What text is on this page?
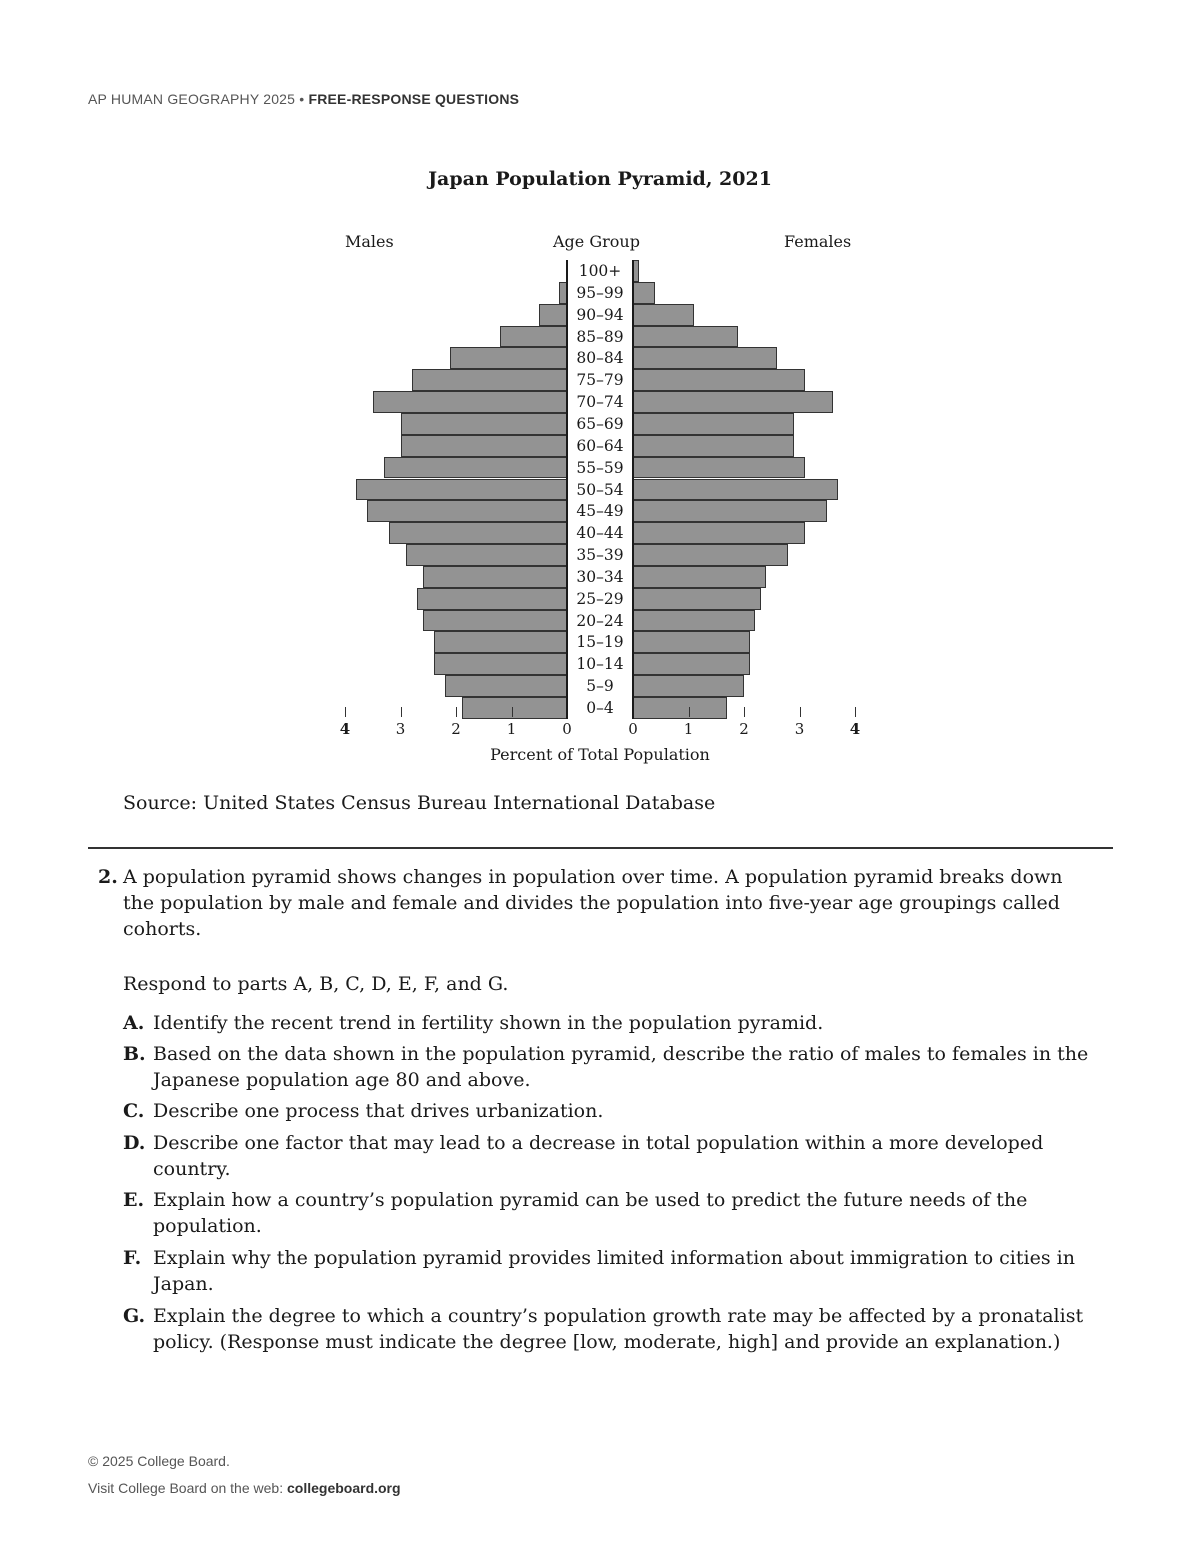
AP HUMAN GEOGRAPHY 2025 • FREE-RESPONSE QUESTIONS
Japan Population Pyramid, 2021
Males	Age Group	Females
100+
95–99
90–94
85–89
80–84
75–79
70–74
65–69
60–64
55–59
50–54
45–49
40–44
35–39
30–34
25–29
20–24
15–19
10–14
5–9
0–4
4	3	2	1	0	0	1	2	3	4
Percent of Total Population
Source: United States Census Bureau International Database
2. A population pyramid shows changes in population over time. A population pyramid breaks down the population by male and female and divides the population into five-year age groupings called cohorts.
Respond to parts A, B, C, D, E, F, and G.
A. Identify the recent trend in fertility shown in the population pyramid.
B. Based on the data shown in the population pyramid, describe the ratio of males to females in the Japanese population age 80 and above.
C. Describe one process that drives urbanization.
D. Describe one factor that may lead to a decrease in total population within a more developed country.
E. Explain how a country’s population pyramid can be used to predict the future needs of the population.
F. Explain why the population pyramid provides limited information about immigration to cities in Japan.
G. Explain the degree to which a country’s population growth rate may be affected by a pronatalist policy. (Response must indicate the degree [low, moderate, high] and provide an explanation.)
© 2025 College Board.
Visit College Board on the web: collegeboard.org
